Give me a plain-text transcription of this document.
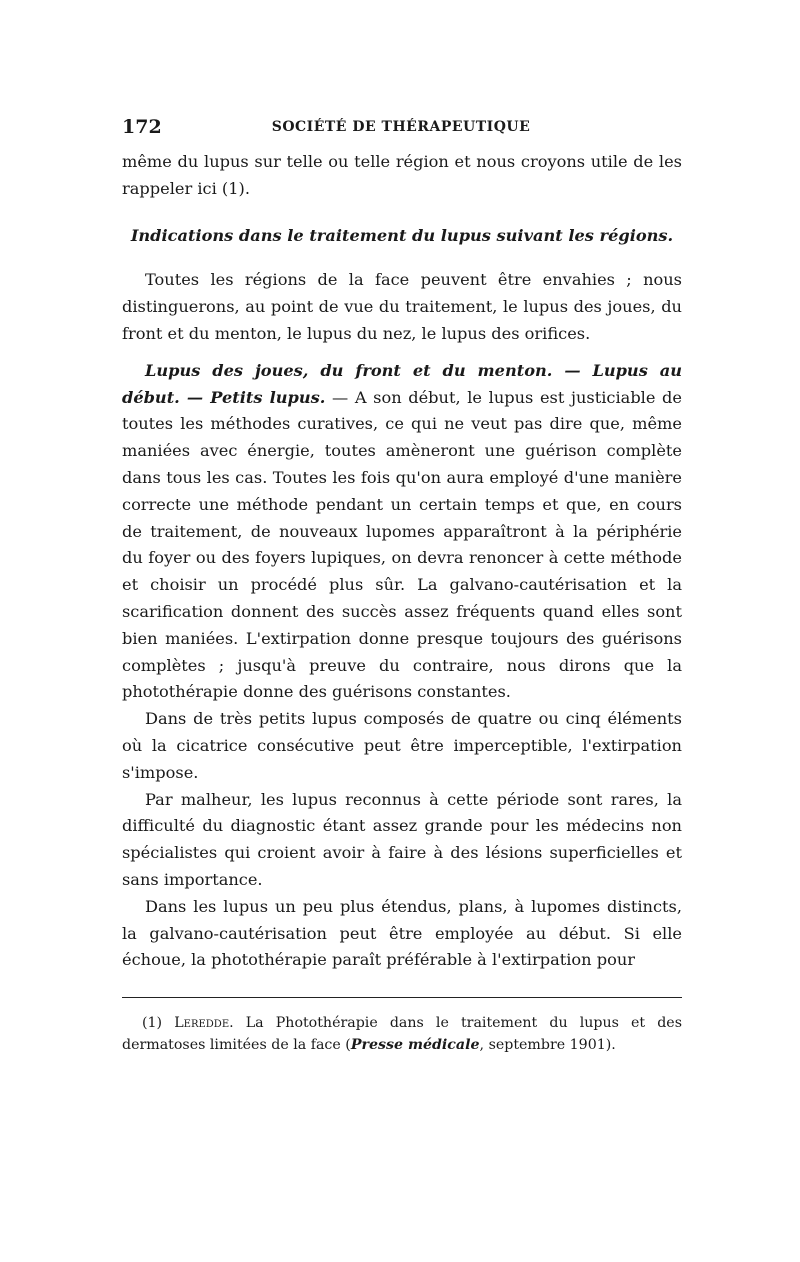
172	SOCIÉTÉ DE THÉRAPEUTIQUE

même du lupus sur telle ou telle région et nous croyons utile de les rappeler ici (1).

Indications dans le traitement du lupus suivant les régions.

Toutes les régions de la face peuvent être envahies ; nous distinguerons, au point de vue du traitement, le lupus des joues, du front et du menton, le lupus du nez, le lupus des orifices.

Lupus des joues, du front et du menton. — Lupus au début. — Petits lupus. — A son début, le lupus est justiciable de toutes les méthodes curatives, ce qui ne veut pas dire que, même maniées avec énergie, toutes amèneront une guérison complète dans tous les cas. Toutes les fois qu'on aura employé d'une manière correcte une méthode pendant un certain temps et que, en cours de traitement, de nouveaux lupomes apparaîtront à la périphérie du foyer ou des foyers lupiques, on devra renoncer à cette méthode et choisir un procédé plus sûr. La galvano-cautérisation et la scarification donnent des succès assez fréquents quand elles sont bien maniées. L'extirpation donne presque toujours des guérisons complètes ; jusqu'à preuve du contraire, nous dirons que la photothérapie donne des guérisons constantes.

Dans de très petits lupus composés de quatre ou cinq éléments où la cicatrice consécutive peut être imperceptible, l'extirpation s'impose.

Par malheur, les lupus reconnus à cette période sont rares, la difficulté du diagnostic étant assez grande pour les médecins non spécialistes qui croient avoir à faire à des lésions superficielles et sans importance.

Dans les lupus un peu plus étendus, plans, à lupomes distincts, la galvano-cautérisation peut être employée au début. Si elle échoue, la photothérapie paraît préférable à l'extirpation pour

(1) Leredde. La Photothérapie dans le traitement du lupus et des dermatoses limitées de la face (Presse médicale, septembre 1901).
